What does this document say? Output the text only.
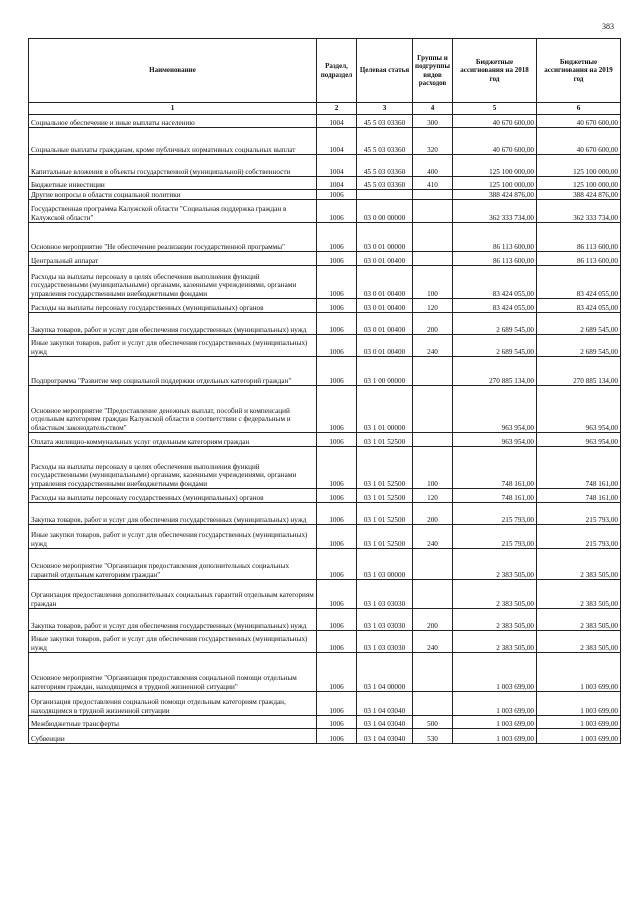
383
Наименование	Раздел, подраздел	Целевая статья	Группы и подгруппы видов расходов	Бюджетные ассигнования на 2018 год	Бюджетные ассигнования на 2019 год
1	2	3	4	5	6
Социальное обеспечение и иные выплаты населению	1004	45 5 03 03360	300	40 670 600,00	40 670 600,00
Социальные выплаты гражданам, кроме публичных нормативных социальных выплат	1004	45 5 03 03360	320	40 670 600,00	40 670 600,00
Капитальные вложения в объекты государственной (муниципальной) собственности	1004	45 5 03 03360	400	125 100 000,00	125 100 000,00
Бюджетные инвестиции	1004	45 5 03 03360	410	125 100 000,00	125 100 000,00
Другие вопросы в области социальной политики	1006			388 424 876,00	388 424 876,00
Государственная программа Калужской области "Социальная поддержка граждан в Калужской области"	1006	03 0 00 00000		362 333 734,00	362 333 734,00
Основное мероприятие "Не обеспечение реализации государственной программы"	1006	03 0 01 00000		86 113 600,00	86 113 600,00
Центральный аппарат	1006	03 0 01 00400		86 113 600,00	86 113 600,00
Расходы на выплаты персоналу в целях обеспечения выполнения функций государственными (муниципальными) органами, казенными учреждениями, органами управления государственными внебюджетными фондами	1006	03 0 01 00400	100	83 424 055,00	83 424 055,00
Расходы на выплаты персоналу государственных (муниципальных) органов	1006	03 0 01 00400	120	83 424 055,00	83 424 055,00
Закупка товаров, работ и услуг для обеспечения государственных (муниципальных) нужд	1006	03 0 01 00400	200	2 689 545,00	2 689 545,00
Иные закупки товаров, работ и услуг для обеспечения государственных (муниципальных) нужд	1006	03 0 01 00400	240	2 689 545,00	2 689 545,00
Подпрограмма "Развитие мер социальной поддержки отдельных категорий граждан"	1006	03 1 00 00000		270 885 134,00	270 885 134,00
Основное мероприятие "Предоставление денежных выплат, пособий и компенсаций отдельным категориям граждан Калужской области в соответствии с федеральным и областным законодательством"	1006	03 1 01 00000		963 954,00	963 954,00
Оплата жилищно-коммунальных услуг отдельным категориям граждан	1006	03 1 01 52500		963 954,00	963 954,00
Расходы на выплаты персоналу в целях обеспечения выполнения функций государственными (муниципальными) органами, казенными учреждениями, органами управления государственными внебюджетными фондами	1006	03 1 01 52500	100	748 161,00	748 161,00
Расходы на выплаты персоналу государственных (муниципальных) органов	1006	03 1 01 52500	120	748 161,00	748 161,00
Закупка товаров, работ и услуг для обеспечения государственных (муниципальных) нужд	1006	03 1 01 52500	200	215 793,00	215 793,00
Иные закупки товаров, работ и услуг для обеспечения государственных (муниципальных) нужд	1006	03 1 01 52500	240	215 793,00	215 793,00
Основное мероприятие "Организация предоставления дополнительных социальных гарантий отдельным категориям граждан"	1006	03 1 03 00000		2 383 505,00	2 383 505,00
Организация предоставления дополнительных социальных гарантий отдельным категориям граждан	1006	03 1 03 03030		2 383 505,00	2 383 505,00
Закупка товаров, работ и услуг для обеспечения государственных (муниципальных) нужд	1006	03 1 03 03030	200	2 383 505,00	2 383 505,00
Иные закупки товаров, работ и услуг для обеспечения государственных (муниципальных) нужд	1006	03 1 03 03030	240	2 383 505,00	2 383 505,00
Основное мероприятие "Организация предоставления социальной помощи отдельным категориям граждан, находящимся в трудной жизненной ситуации"	1006	03 1 04 00000		1 003 699,00	1 003 699,00
Организация предоставления социальной помощи отдельным категориям граждан, находящимся в трудной жизненной ситуации	1006	03 1 04 03040		1 003 699,00	1 003 699,00
Межбюджетные трансферты	1006	03 1 04 03040	500	1 003 699,00	1 003 699,00
Субвенции	1006	03 1 04 03040	530	1 003 699,00	1 003 699,00
